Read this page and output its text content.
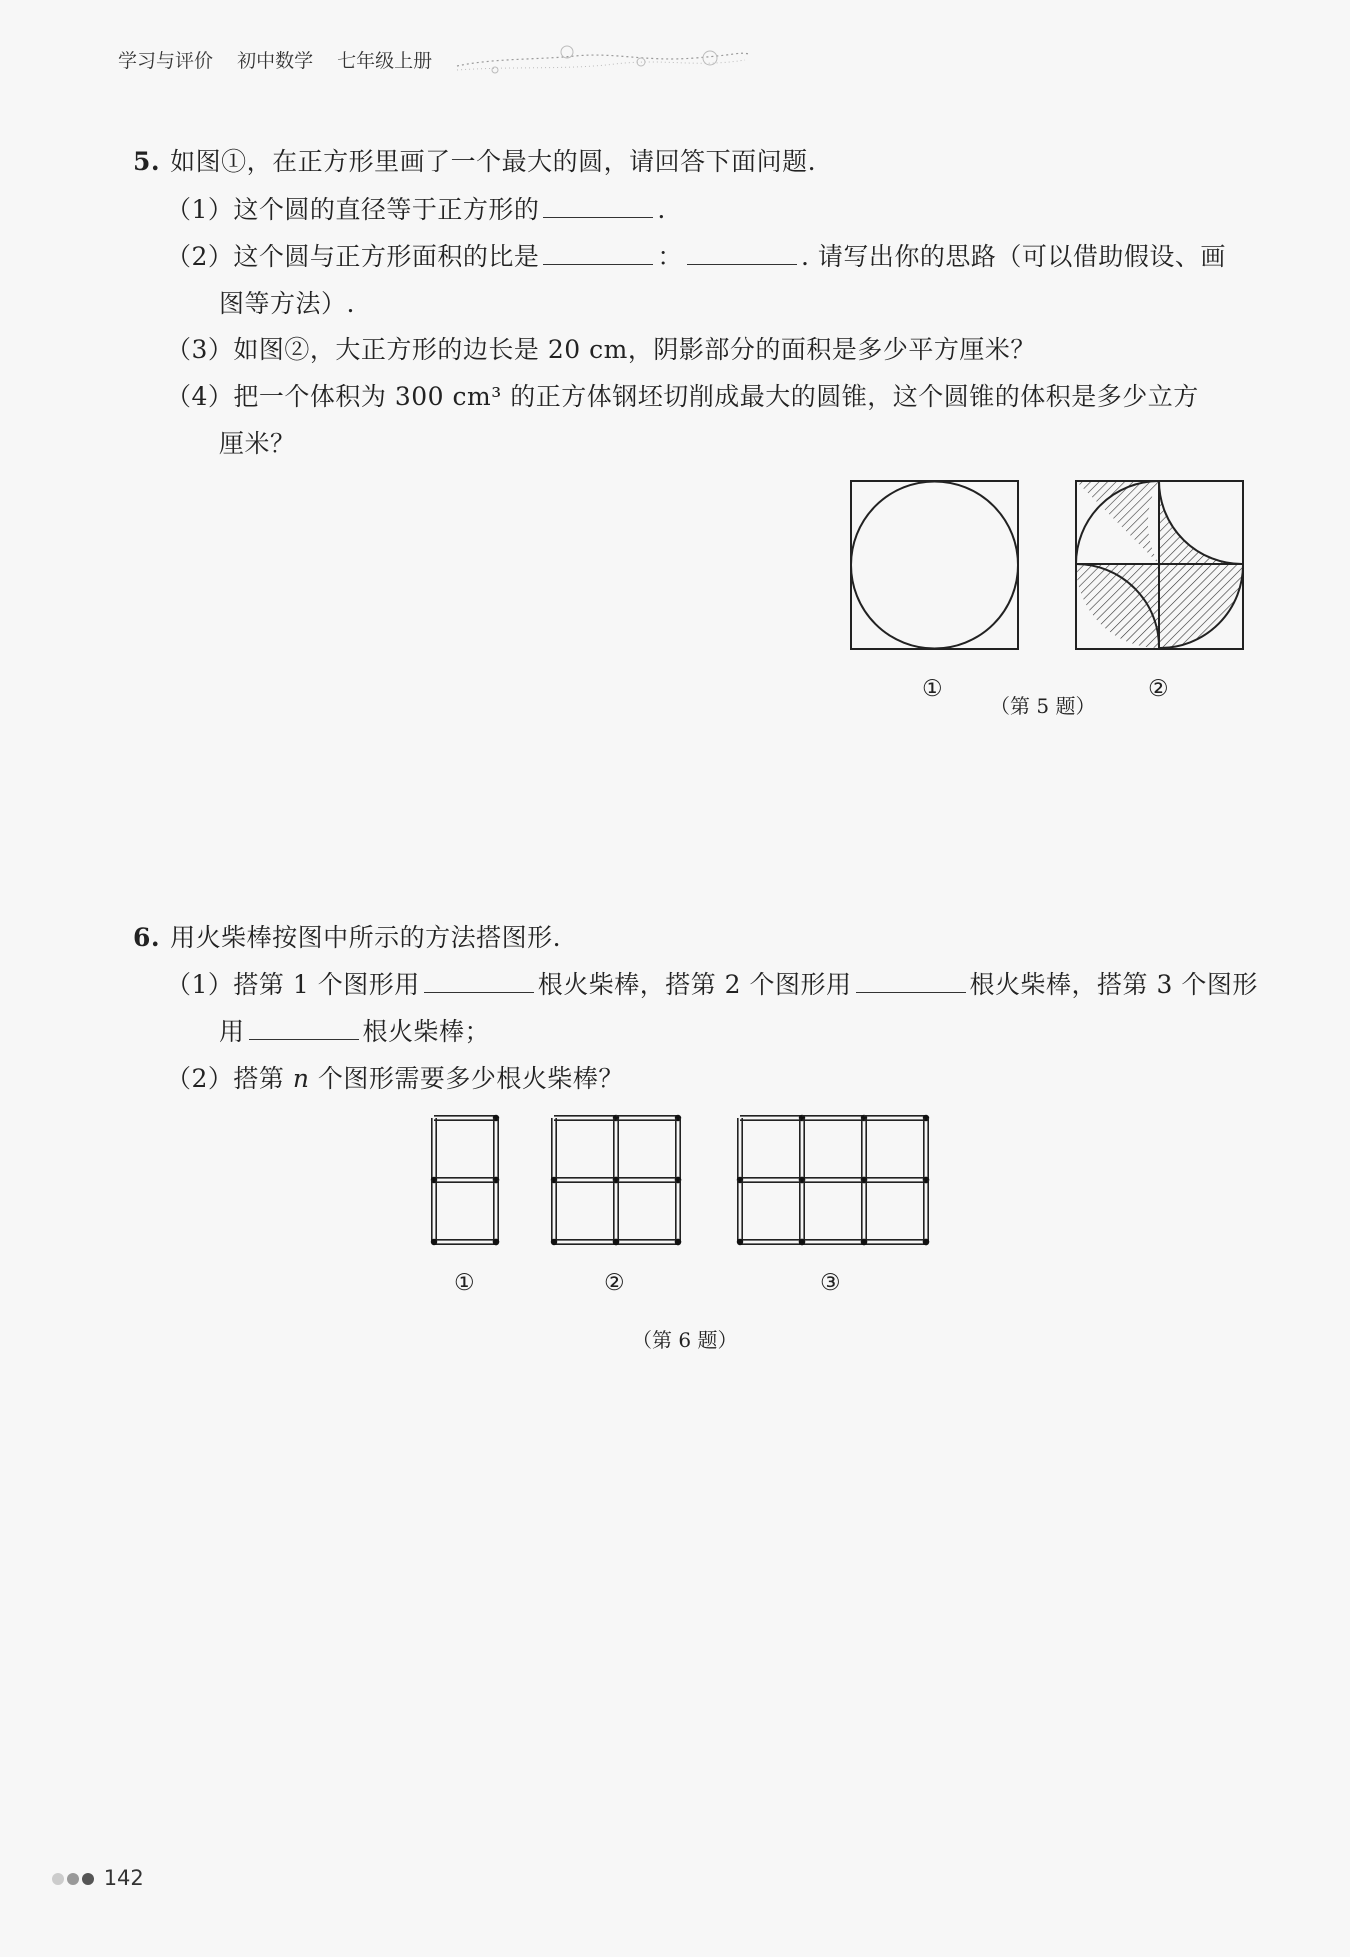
学习与评价 初中数学 七年级上册
5. 如图①，在正方形里画了一个最大的圆，请回答下面问题.
（1）这个圆的直径等于正方形的	.
（2）这个圆与正方形面积的比是	：	. 请写出你的思路（可以借助假设、画
图等方法）.
（3）如图②，大正方形的边长是 20 cm，阴影部分的面积是多少平方厘米？
（4）把一个体积为 300 cm³ 的正方体钢坯切削成最大的圆锥，这个圆锥的体积是多少立方
厘米？
①
（第 5 题）
②
6. 用火柴棒按图中所示的方法搭图形.
（1）搭第 1 个图形用	根火柴棒，搭第 2 个图形用	根火柴棒，搭第 3 个图形
用	根火柴棒；
（2）搭第 n 个图形需要多少根火柴棒？
①	②	③
（第 6 题）
142
